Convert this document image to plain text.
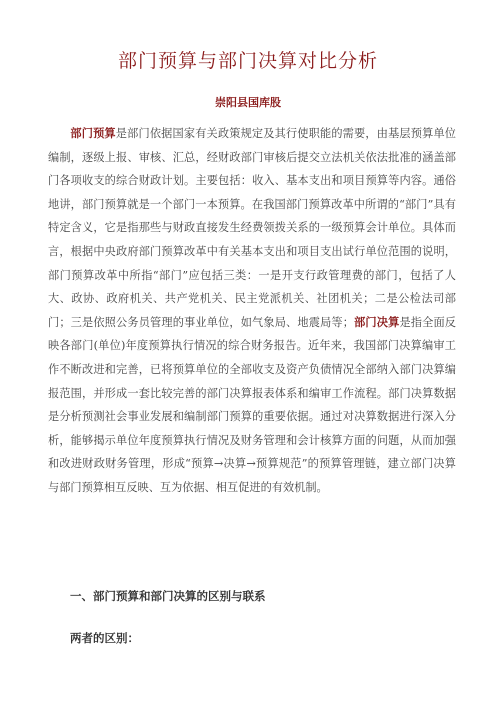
部门预算与部门决算对比分析
崇阳县国库股

部门预算是部门依据国家有关政策规定及其行使职能的需要，由基层预算单位编制，逐级上报、审核、汇总，经财政部门审核后提交立法机关依法批准的涵盖部门各项收支的综合财政计划。主要包括：收入、基本支出和项目预算等内容。通俗地讲，部门预算就是一个部门一本预算。在我国部门预算改革中所谓的“部门”具有特定含义，它是指那些与财政直接发生经费领拨关系的一级预算会计单位。具体而言，根据中央政府部门预算改革中有关基本支出和项目支出试行单位范围的说明，部门预算改革中所指“部门”应包括三类：一是开支行政管理费的部门，包括了人大、政协、政府机关、共产党机关、民主党派机关、社团机关；二是公检法司部门；三是依照公务员管理的事业单位，如气象局、地震局等；部门决算是指全面反映各部门(单位)年度预算执行情况的综合财务报告。近年来，我国部门决算编审工作不断改进和完善，已将预算单位的全部收支及资产负债情况全部纳入部门决算编报范围，并形成一套比较完善的部门决算报表体系和编审工作流程。部门决算数据是分析预测社会事业发展和编制部门预算的重要依据。通过对决算数据进行深入分析，能够揭示单位年度预算执行情况及财务管理和会计核算方面的问题，从而加强和改进财政财务管理，形成“预算→决算→预算规范”的预算管理链，建立部门决算与部门预算相互反映、互为依据、相互促进的有效机制。

一、部门预算和部门决算的区别与联系
两者的区别：
